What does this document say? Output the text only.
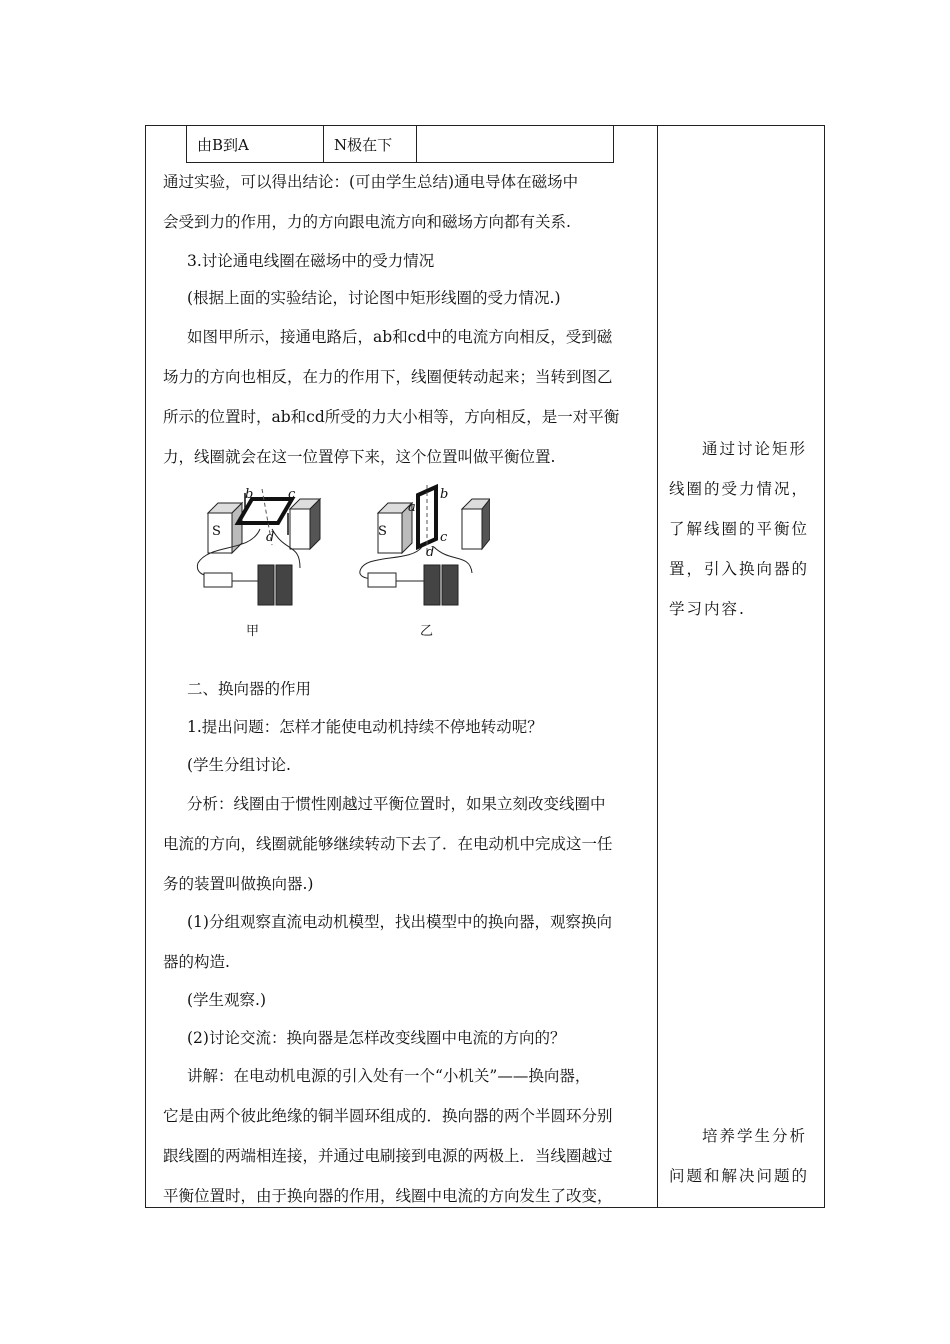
由B到A	N极在下	
通过实验，可以得出结论：(可由学生总结)通电导体在磁场中
会受到力的作用，力的方向跟电流方向和磁场方向都有关系.
3.讨论通电线圈在磁场中的受力情况
(根据上面的实验结论，讨论图中矩形线圈的受力情况.)
如图甲所示，接通电路后，ab和cd中的电流方向相反，受到磁
场力的方向也相反，在力的作用下，线圈便转动起来；当转到图乙
所示的位置时，ab和cd所受的力大小相等，方向相反，是一对平衡
力，线圈就会在这一位置停下来，这个位置叫做平衡位置.
S	N
b	c
d	S	N
a
b
c
d
甲	乙
二、换向器的作用
1.提出问题：怎样才能使电动机持续不停地转动呢？
(学生分组讨论.
分析：线圈由于惯性刚越过平衡位置时，如果立刻改变线圈中
电流的方向，线圈就能够继续转动下去了．在电动机中完成这一任
务的装置叫做换向器.)
(1)分组观察直流电动机模型，找出模型中的换向器，观察换向
器的构造.
(学生观察.)
(2)讨论交流：换向器是怎样改变线圈中电流的方向的？
讲解：在电动机电源的引入处有一个“小机关”——换向器，
它是由两个彼此绝缘的铜半圆环组成的．换向器的两个半圆环分别
跟线圈的两端相连接，并通过电刷接到电源的两极上．当线圈越过
平衡位置时，由于换向器的作用，线圈中电流的方向发生了改变，
通过讨论矩形
线圈的受力情况，
了解线圈的平衡位
置，引入换向器的
学习内容.
培养学生分析
问题和解决问题的
